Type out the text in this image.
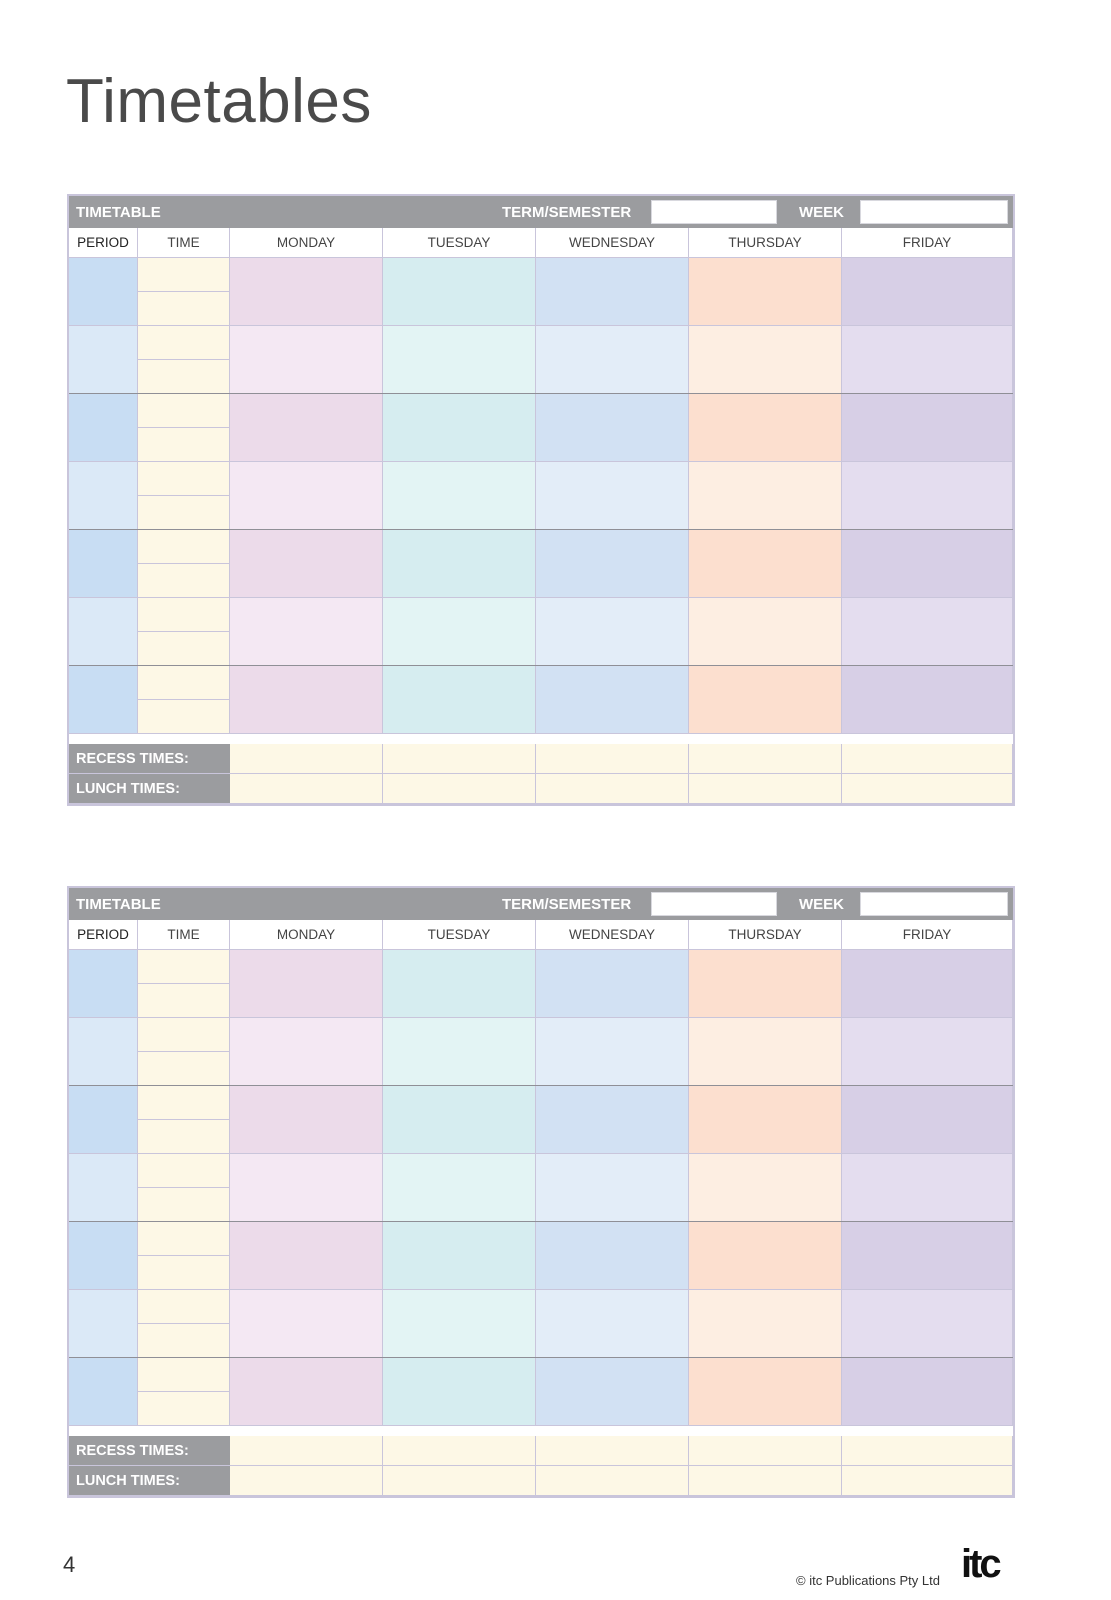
Timetables
TIMETABLE	TERM/SEMESTER	WEEK
PERIOD	TIME	MONDAY	TUESDAY	WEDNESDAY	THURSDAY	FRIDAY
RECESS TIMES:
LUNCH TIMES:
TIMETABLE	TERM/SEMESTER	WEEK
PERIOD	TIME	MONDAY	TUESDAY	WEDNESDAY	THURSDAY	FRIDAY
RECESS TIMES:
LUNCH TIMES:
4
© itc Publications Pty Ltd itc
